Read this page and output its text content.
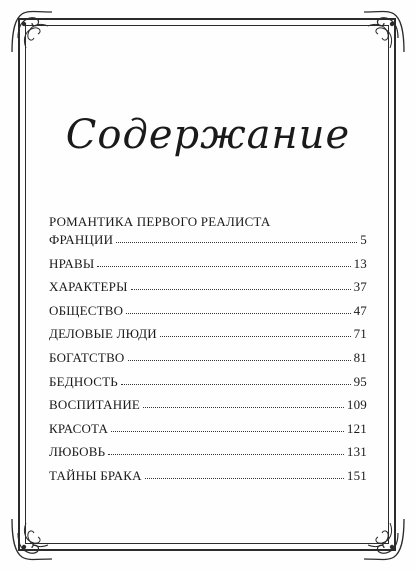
Содержание
РОМАНТИКА ПЕРВОГО РЕАЛИСТА
ФРАНЦИИ	5
НРАВЫ	13
ХАРАКТЕРЫ	37
ОБЩЕСТВО	47
ДЕЛОВЫЕ ЛЮДИ	71
БОГАТСТВО	81
БЕДНОСТЬ	95
ВОСПИТАНИЕ	109
КРАСОТА	121
ЛЮБОВЬ	131
ТАЙНЫ БРАКА	151
